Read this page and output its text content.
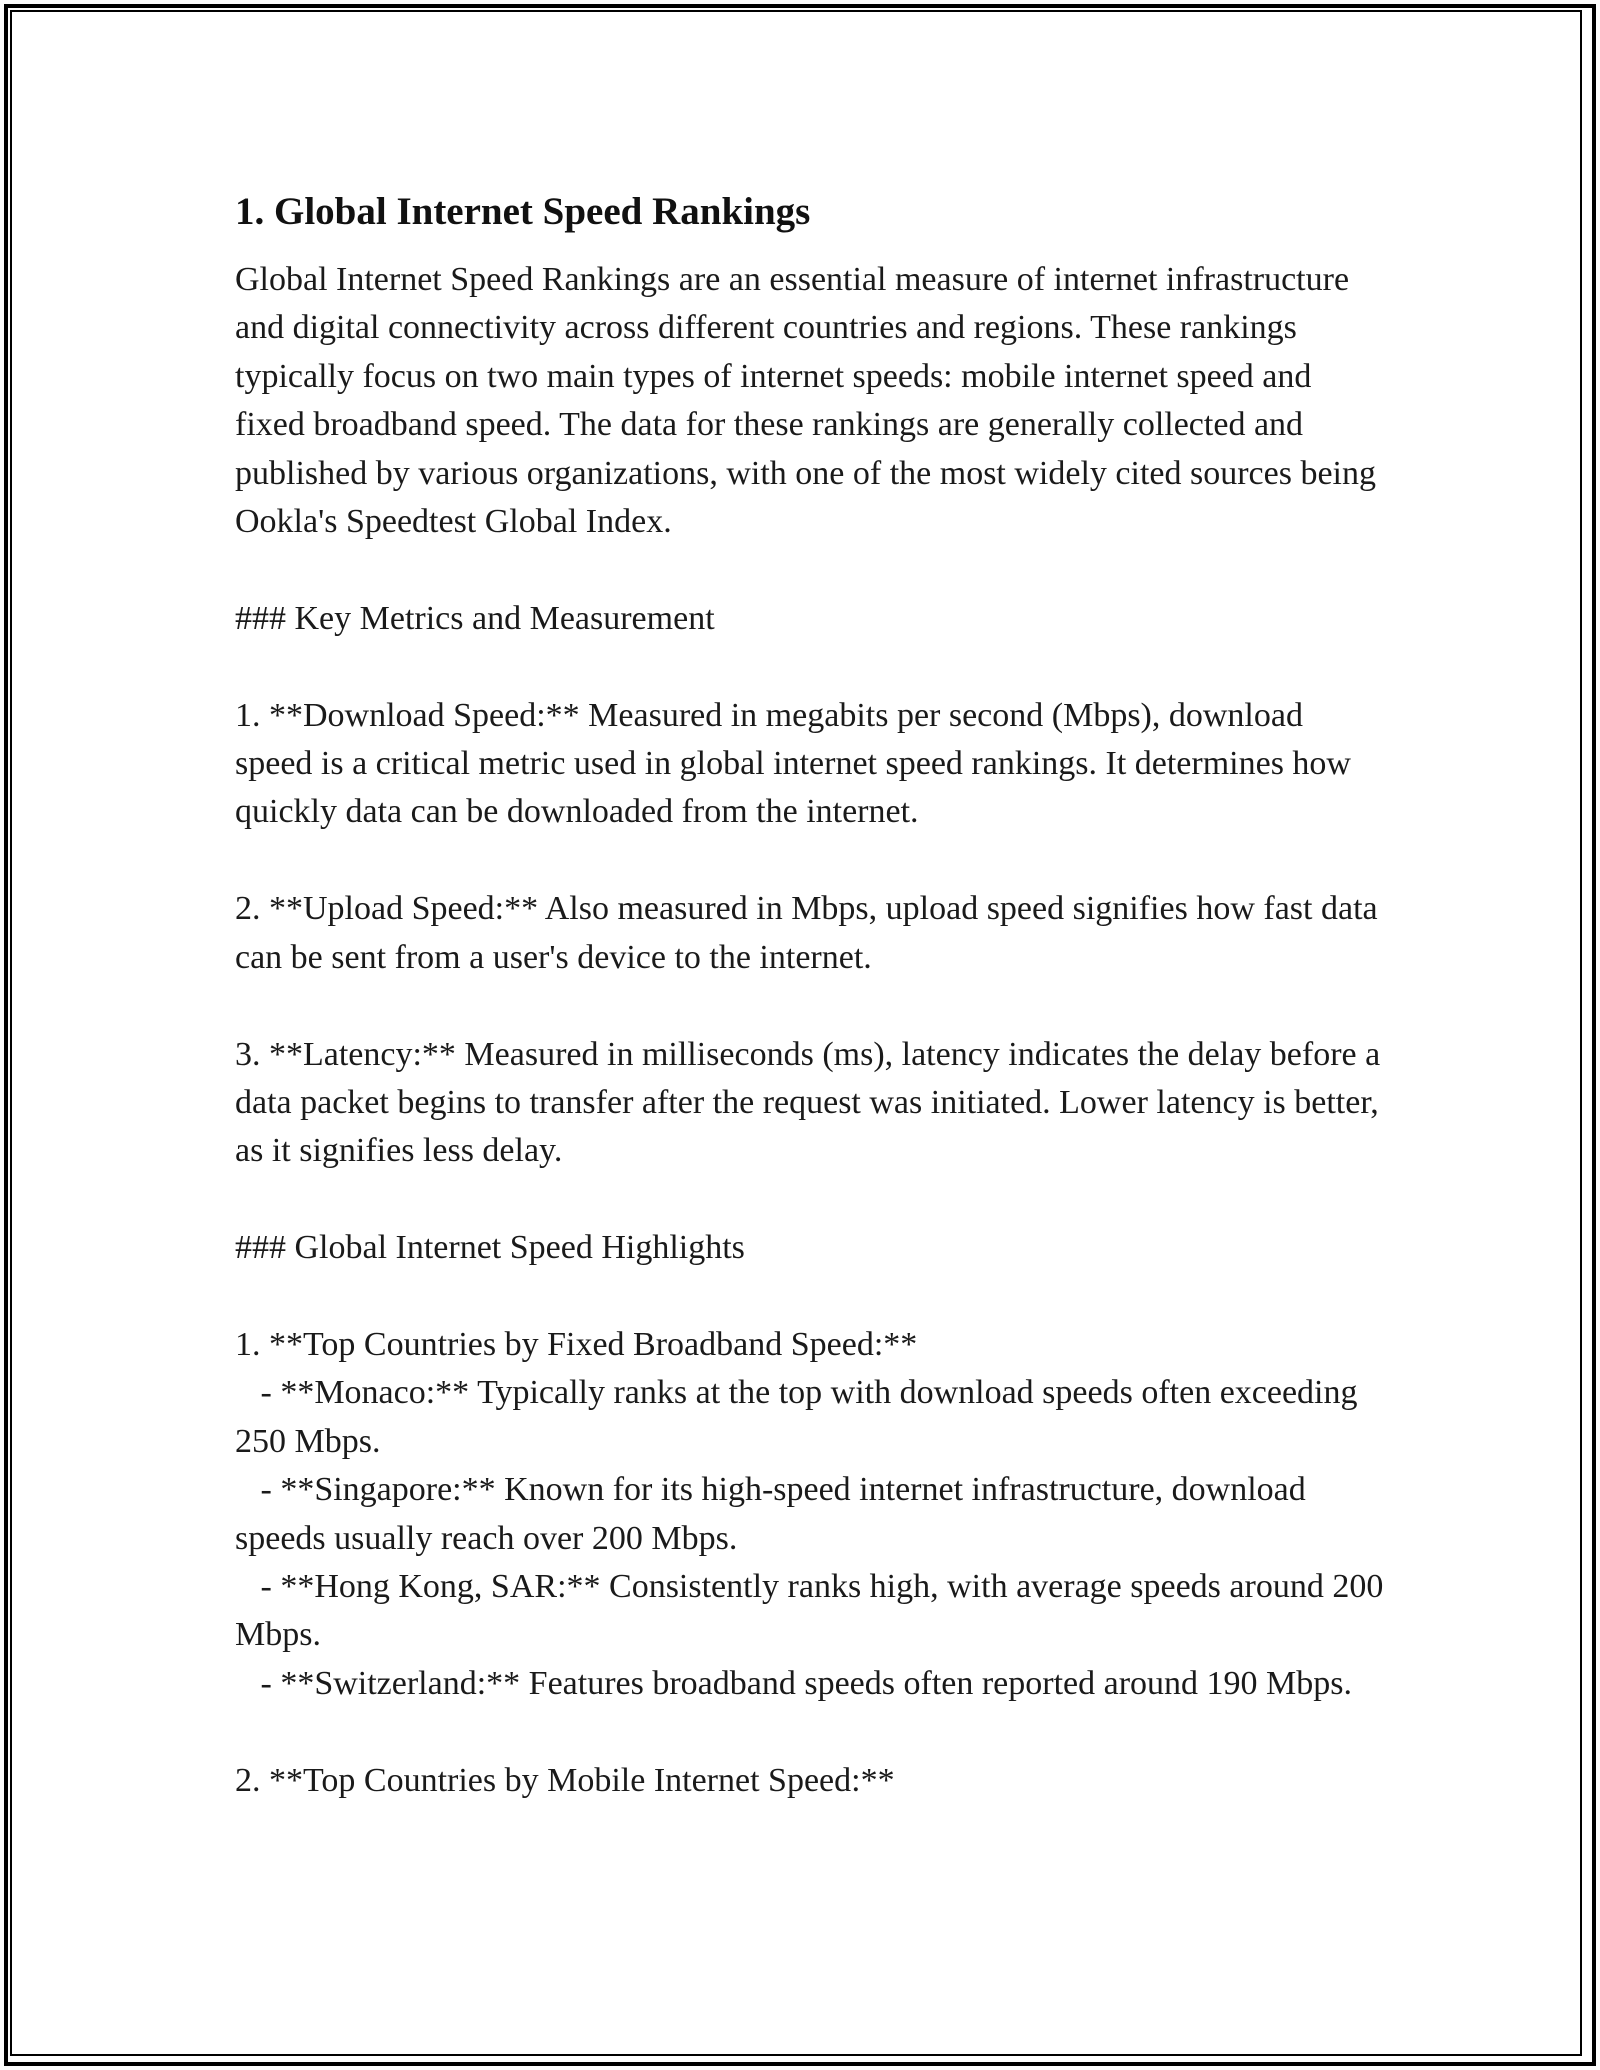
1. Global Internet Speed Rankings

Global Internet Speed Rankings are an essential measure of internet infrastructure and digital connectivity across different countries and regions. These rankings typically focus on two main types of internet speeds: mobile internet speed and fixed broadband speed. The data for these rankings are generally collected and published by various organizations, with one of the most widely cited sources being Ookla's Speedtest Global Index.

### Key Metrics and Measurement

1. **Download Speed:** Measured in megabits per second (Mbps), download speed is a critical metric used in global internet speed rankings. It determines how quickly data can be downloaded from the internet.

2. **Upload Speed:** Also measured in Mbps, upload speed signifies how fast data can be sent from a user's device to the internet.

3. **Latency:** Measured in milliseconds (ms), latency indicates the delay before a data packet begins to transfer after the request was initiated. Lower latency is better, as it signifies less delay.

### Global Internet Speed Highlights

1. **Top Countries by Fixed Broadband Speed:**
- **Monaco:** Typically ranks at the top with download speeds often exceeding 250 Mbps.
- **Singapore:** Known for its high-speed internet infrastructure, download speeds usually reach over 200 Mbps.
- **Hong Kong, SAR:** Consistently ranks high, with average speeds around 200 Mbps.
- **Switzerland:** Features broadband speeds often reported around 190 Mbps.

2. **Top Countries by Mobile Internet Speed:**
